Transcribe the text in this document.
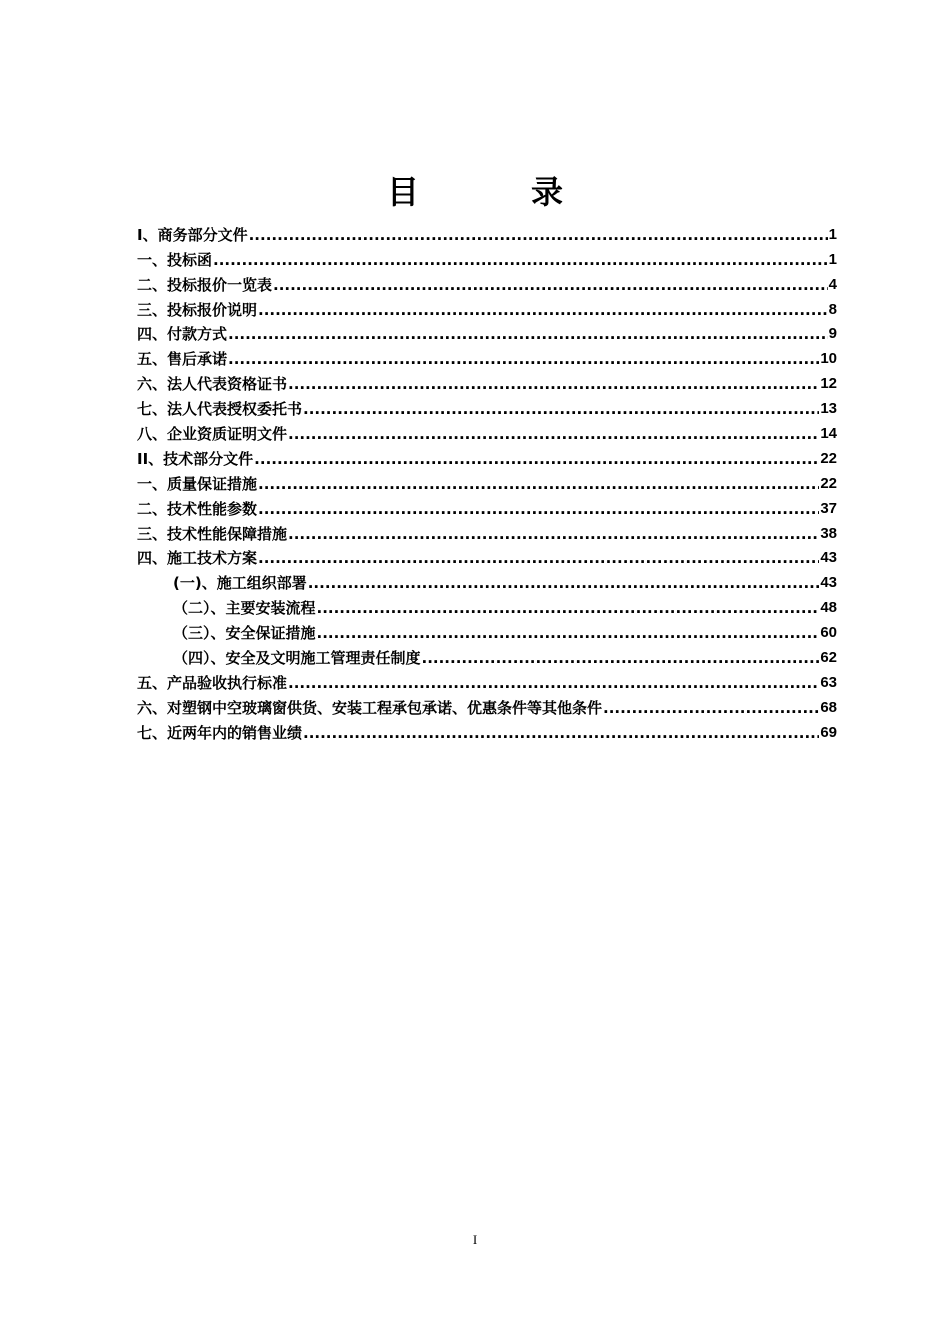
目　录
I、商务部分文件 .....	1
一、投标函 .....	1
二、投标报价一览表 .....	4
三、投标报价说明 .....	8
四、付款方式 .....	9
五、售后承诺 .....	10
六、法人代表资格证书 .....	12
七、法人代表授权委托书 .....	13
八、企业资质证明文件 .....	14
II、技术部分文件 .....	22
一、质量保证措施 .....	22
二、技术性能参数 .....	37
三、技术性能保障措施 .....	38
四、施工技术方案 .....	43
(一)、施工组织部署 .....	43
（二）、主要安装流程 .....	48
（三）、安全保证措施 .....	60
（四）、安全及文明施工管理责任制度 .....	62
五、产品验收执行标准 .....	63
六、对塑钢中空玻璃窗供货、安装工程承包承诺、优惠条件等其他条件 .....	68
七、近两年内的销售业绩 .....	69
I
